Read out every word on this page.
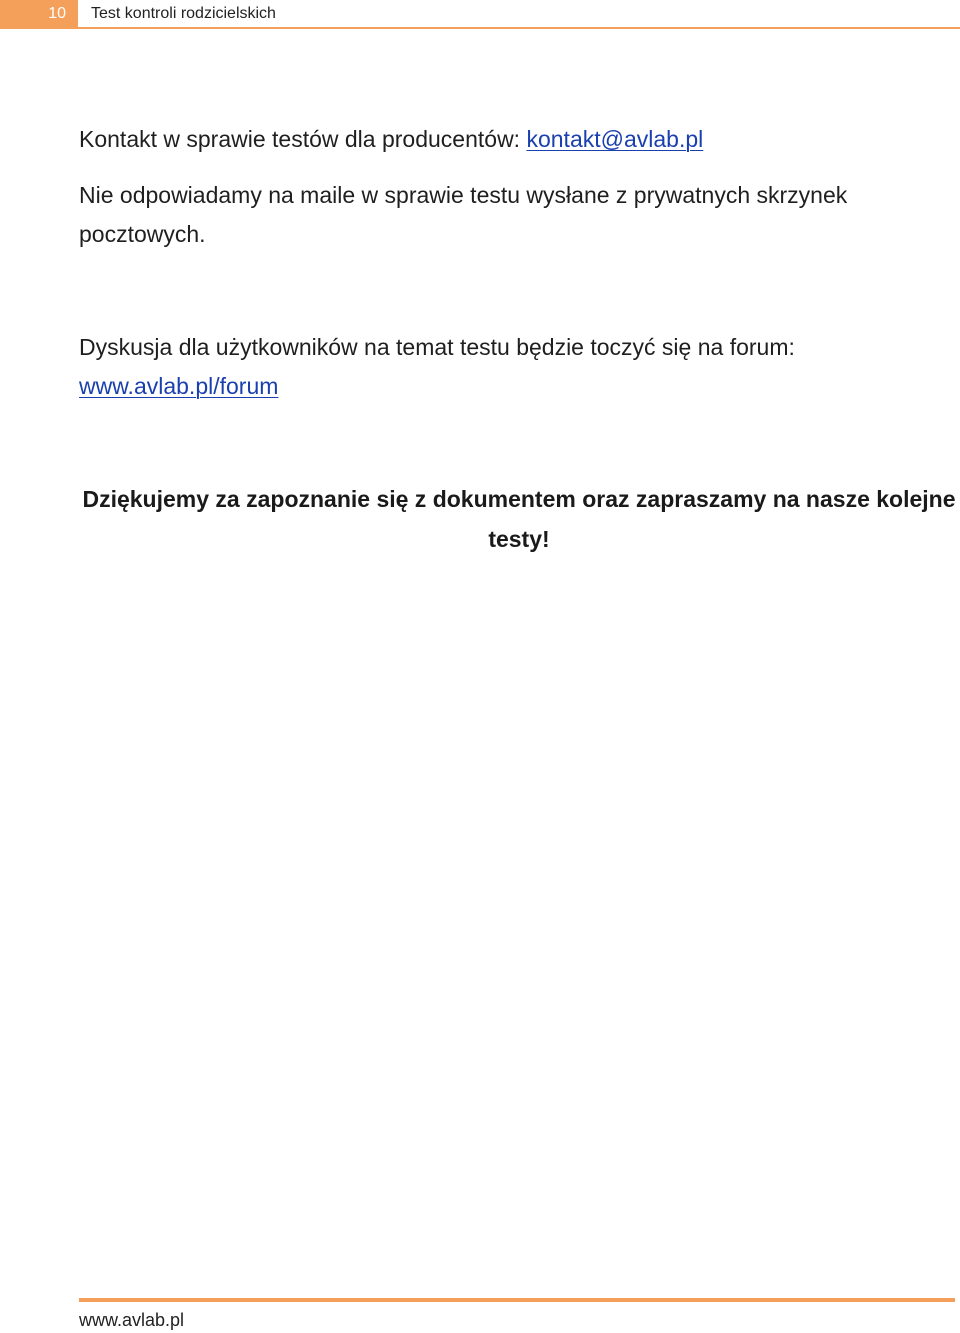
10	Test kontroli rodzicielskich
Kontakt w sprawie testów dla producentów: kontakt@avlab.pl
Nie odpowiadamy na maile w sprawie testu wysłane z prywatnych skrzynek pocztowych.
Dyskusja dla użytkowników na temat testu będzie toczyć się na forum: www.avlab.pl/forum
Dziękujemy za zapoznanie się z dokumentem oraz zapraszamy na nasze kolejne testy!
www.avlab.pl
